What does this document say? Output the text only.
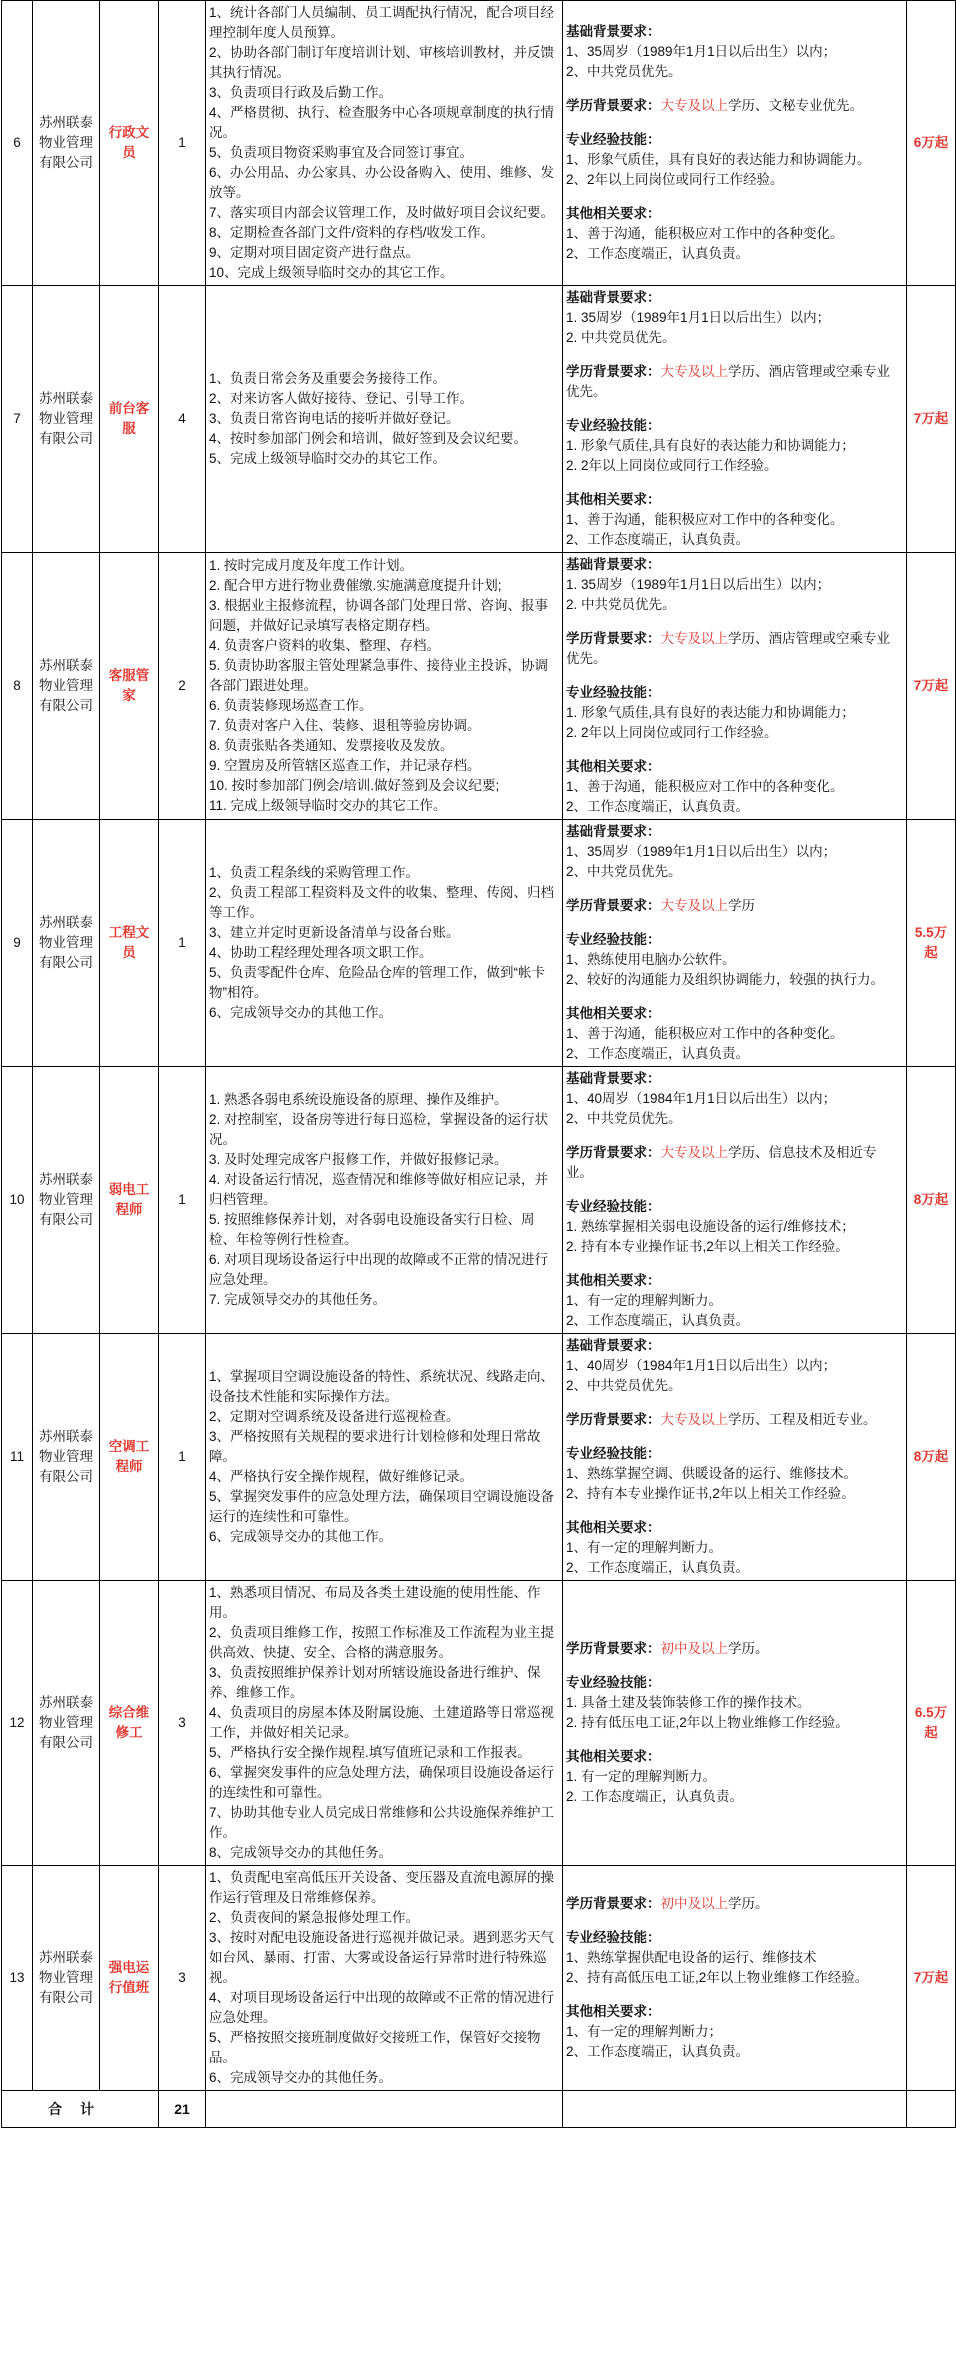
6	苏州联泰物业管理有限公司	行政文员	1	
1、统计各部门人员编制、员工调配执行情况，配合项目经理控制年度人员预算。
2、协助各部门制订年度培训计划、审核培训教材，并反馈其执行情况。
3、负责项目行政及后勤工作。
4、严格贯彻、执行、检查服务中心各项规章制度的执行情况。
5、负责项目物资采购事宜及合同签订事宜。
6、办公用品、办公家具、办公设备购入、使用、维修、发放等。
7、落实项目内部会议管理工作，及时做好项目会议纪要。
8、定期检查各部门文件/资料的存档/收发工作。
9、定期对项目固定资产进行盘点。
10、完成上级领导临时交办的其它工作。

基础背景要求：
1、35周岁（1989年1月1日以后出生）以内；
2、中共党员优先。
学历背景要求：大专及以上学历、文秘专业优先。
专业经验技能：
1、形象气质佳，具有良好的表达能力和协调能力。
2、2年以上同岗位或同行工作经验。
其他相关要求：
1、善于沟通，能积极应对工作中的各种变化。
2、工作态度端正，认真负责。
	6万起
7	苏州联泰物业管理有限公司	前台客服	4	
1、负责日常会务及重要会务接待工作。
2、对来访客人做好接待、登记、引导工作。
3、负责日常咨询电话的接听并做好登记。
4、按时参加部门例会和培训，做好签到及会议纪要。
5、完成上级领导临时交办的其它工作。

基础背景要求：
1. 35周岁（1989年1月1日以后出生）以内；
2. 中共党员优先。
学历背景要求：大专及以上学历、酒店管理或空乘专业优先。
专业经验技能：
1. 形象气质佳,具有良好的表达能力和协调能力；
2. 2年以上同岗位或同行工作经验。
其他相关要求：
1、善于沟通，能积极应对工作中的各种变化。
2、工作态度端正，认真负责。
	7万起
8	苏州联泰物业管理有限公司	客服管家	2	
1. 按时完成月度及年度工作计划。
2. 配合甲方进行物业费催缴.实施满意度提升计划;
3. 根据业主报修流程，协调各部门处理日常、咨询、报事问题，并做好记录填写表格定期存档。
4. 负责客户资料的收集、整理、存档。
5. 负责协助客服主管处理紧急事件、接待业主投诉，协调各部门跟进处理。
6. 负责装修现场巡查工作。
7. 负责对客户入住、装修、退租等验房协调。
8. 负责张贴各类通知、发票接收及发放。
9. 空置房及所管辖区巡查工作，并记录存档。
10. 按时参加部门例会/培训.做好签到及会议纪要;
11. 完成上级领导临时交办的其它工作。

基础背景要求：
1. 35周岁（1989年1月1日以后出生）以内；
2. 中共党员优先。
学历背景要求：大专及以上学历、酒店管理或空乘专业优先。
专业经验技能：
1. 形象气质佳,具有良好的表达能力和协调能力；
2. 2年以上同岗位或同行工作经验。
其他相关要求：
1、善于沟通，能积极应对工作中的各种变化。
2、工作态度端正，认真负责。
	7万起
9	苏州联泰物业管理有限公司	工程文员	1	
1、负责工程条线的采购管理工作。
2、负责工程部工程资料及文件的收集、整理、传阅、归档等工作。
3、建立并定时更新设备清单与设备台账。
4、协助工程经理处理各项文职工作。
5、负责零配件仓库、危险品仓库的管理工作，做到“帐卡物”相符。
6、完成领导交办的其他工作。

基础背景要求：
1、35周岁（1989年1月1日以后出生）以内；
2、中共党员优先。
学历背景要求：大专及以上学历
专业经验技能：
1、熟练使用电脑办公软件。
2、较好的沟通能力及组织协调能力，较强的执行力。
其他相关要求：
1、善于沟通，能积极应对工作中的各种变化。
2、工作态度端正，认真负责。
	5.5万起
10	苏州联泰物业管理有限公司	弱电工程师	1	
1. 熟悉各弱电系统设施设备的原理、操作及维护。
2. 对控制室，设备房等进行每日巡检，掌握设备的运行状况。
3. 及时处理完成客户报修工作，并做好报修记录。
4. 对设备运行情况，巡查情况和维修等做好相应记录，并归档管理。
5. 按照维修保养计划，对各弱电设施设备实行日检、周检、年检等例行性检查。
6. 对项目现场设备运行中出现的故障或不正常的情况进行应急处理。
7. 完成领导交办的其他任务。

基础背景要求：
1、40周岁（1984年1月1日以后出生）以内；
2、中共党员优先。
学历背景要求：大专及以上学历、信息技术及相近专业。
专业经验技能：
1. 熟练掌握相关弱电设施设备的运行/维修技术；
2. 持有本专业操作证书,2年以上相关工作经验。
其他相关要求：
1、有一定的理解判断力。
2、工作态度端正，认真负责。
	8万起
11	苏州联泰物业管理有限公司	空调工程师	1	
1、掌握项目空调设施设备的特性、系统状况、线路走向、设备技术性能和实际操作方法。
2、定期对空调系统及设备进行巡视检查。
3、严格按照有关规程的要求进行计划检修和处理日常故障。
4、严格执行安全操作规程，做好维修记录。
5、掌握突发事件的应急处理方法，确保项目空调设施设备运行的连续性和可靠性。
6、完成领导交办的其他工作。

基础背景要求：
1、40周岁（1984年1月1日以后出生）以内；
2、中共党员优先。
学历背景要求：大专及以上学历、工程及相近专业。
专业经验技能：
1、熟练掌握空调、供暖设备的运行、维修技术。
2、持有本专业操作证书,2年以上相关工作经验。
其他相关要求：
1、有一定的理解判断力。
2、工作态度端正，认真负责。
	8万起
12	苏州联泰物业管理有限公司	综合维修工	3	
1、熟悉项目情况、布局及各类土建设施的使用性能、作用。
2、负责项目维修工作，按照工作标准及工作流程为业主提供高效、快捷、安全、合格的满意服务。
3、负责按照维护保养计划对所辖设施设备进行维护、保养、维修工作。
4、负责项目的房屋本体及附属设施、土建道路等日常巡视工作，并做好相关记录。
5、严格执行安全操作规程.填写值班记录和工作报表。
6、掌握突发事件的应急处理方法，确保项目设施设备运行的连续性和可靠性。
7、协助其他专业人员完成日常维修和公共设施保养维护工作。
8、完成领导交办的其他任务。

学历背景要求：初中及以上学历。
专业经验技能：
1. 具备土建及装饰装修工作的操作技术。
2. 持有低压电工证,2年以上物业维修工作经验。
其他相关要求：
1. 有一定的理解判断力。
2. 工作态度端正，认真负责。
	6.5万起
13	苏州联泰物业管理有限公司	强电运行值班	3	
1、负责配电室高低压开关设备、变压器及直流电源屏的操作运行管理及日常维修保养。
2、负责夜间的紧急报修处理工作。
3、按时对配电设施设备进行巡视并做记录。遇到恶劣天气如台风、暴雨、打雷、大雾或设备运行异常时进行特殊巡视。
4、对项目现场设备运行中出现的故障或不正常的情况进行应急处理。
5、严格按照交接班制度做好交接班工作，保管好交接物品。
6、完成领导交办的其他任务。

学历背景要求：初中及以上学历。
专业经验技能：
1、熟练掌握供配电设备的运行、维修技术
2、持有高低压电工证,2年以上物业维修工作经验。
其他相关要求：
1、有一定的理解判断力；
2、工作态度端正，认真负责。
	7万起
合计			21			
